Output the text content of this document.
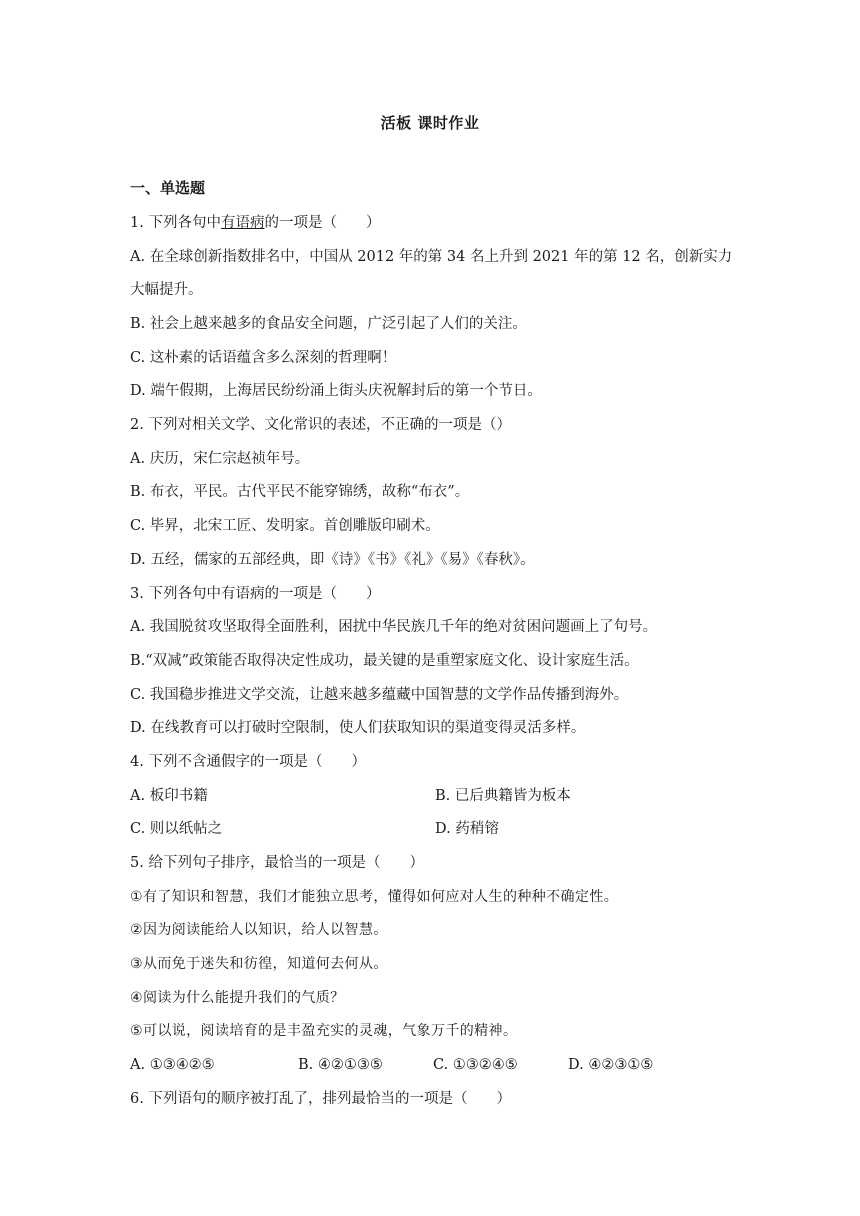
活板 课时作业
一、单选题
1. 下列各句中有语病的一项是（　　）
A. 在全球创新指数排名中，中国从 2012 年的第 34 名上升到 2021 年的第 12 名，创新实力
大幅提升。
B. 社会上越来越多的食品安全问题，广泛引起了人们的关注。
C. 这朴素的话语蕴含多么深刻的哲理啊！
D. 端午假期，上海居民纷纷涌上街头庆祝解封后的第一个节日。
2. 下列对相关文学、文化常识的表述，不正确的一项是（）
A. 庆历，宋仁宗赵祯年号。
B. 布衣，平民。古代平民不能穿锦绣，故称“布衣”。
C. 毕昇，北宋工匠、发明家。首创雕版印刷术。
D. 五经，儒家的五部经典，即《诗》《书》《礼》《易》《春秋》。
3. 下列各句中有语病的一项是（　　）
A. 我国脱贫攻坚取得全面胜利，困扰中华民族几千年的绝对贫困问题画上了句号。
B.“双减”政策能否取得决定性成功，最关键的是重塑家庭文化、设计家庭生活。
C. 我国稳步推进文学交流，让越来越多蕴藏中国智慧的文学作品传播到海外。
D. 在线教育可以打破时空限制，使人们获取知识的渠道变得灵活多样。
4. 下列不含通假字的一项是（　　）
A. 板印书籍	B. 已后典籍皆为板本
C. 则以纸帖之	D. 药稍镕
5. 给下列句子排序，最恰当的一项是（　　）
①有了知识和智慧，我们才能独立思考，懂得如何应对人生的种种不确定性。
②因为阅读能给人以知识，给人以智慧。
③从而免于迷失和彷徨，知道何去何从。
④阅读为什么能提升我们的气质？
⑤可以说，阅读培育的是丰盈充实的灵魂，气象万千的精神。
A. ①③④②⑤	B. ④②①③⑤	C. ①③②④⑤	D. ④②③①⑤
6. 下列语句的顺序被打乱了，排列最恰当的一项是（　　）
